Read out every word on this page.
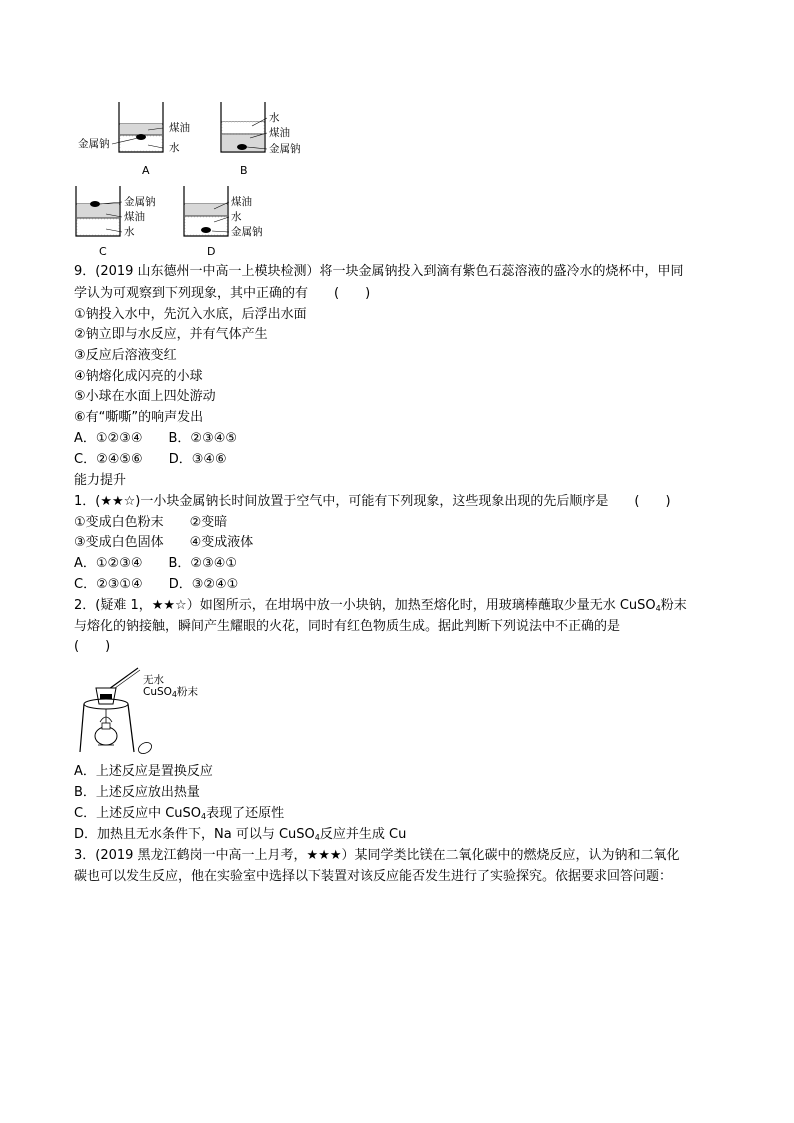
煤油
金属钠	水
A
水
煤油
金属钠
B
金属钠
煤油
水
C
煤油
水
金属钠
D
9．(2019 山东德州一中高一上模块检测）将一块金属钠投入到滴有紫色石蕊溶液的盛冷水的烧杯中，甲同
学认为可观察到下列现象，其中正确的有　　(　　)
①钠投入水中，先沉入水底，后浮出水面
②钠立即与水反应，并有气体产生
③反应后溶液变红
④钠熔化成闪亮的小球
⑤小球在水面上四处游动
⑥有“嘶嘶”的响声发出
A．①②③④　　B．②③④⑤
C．②④⑤⑥　　D．③④⑥
能力提升
1．(★★☆)一小块金属钠长时间放置于空气中，可能有下列现象，这些现象出现的先后顺序是　　(　　)
①变成白色粉末　　②变暗
③变成白色固体　　④变成液体
A．①②③④　　B．②③④①
C．②③①④　　D．③②④①
2．(疑难 1，★★☆）如图所示，在坩埚中放一小块钠，加热至熔化时，用玻璃棒蘸取少量无水 CuSO$_4$粉末
与熔化的钠接触，瞬间产生耀眼的火花，同时有红色物质生成。据此判断下列说法中不正确的是
(　　)
无水
CuSO$_4$粉末
A．上述反应是置换反应
B．上述反应放出热量
C．上述反应中 CuSO$_4$表现了还原性
D．加热且无水条件下，Na 可以与 CuSO$_4$反应并生成 Cu
3．(2019 黑龙江鹤岗一中高一上月考，★★★）某同学类比镁在二氧化碳中的燃烧反应，认为钠和二氧化
碳也可以发生反应，他在实验室中选择以下装置对该反应能否发生进行了实验探究。依据要求回答问题：
